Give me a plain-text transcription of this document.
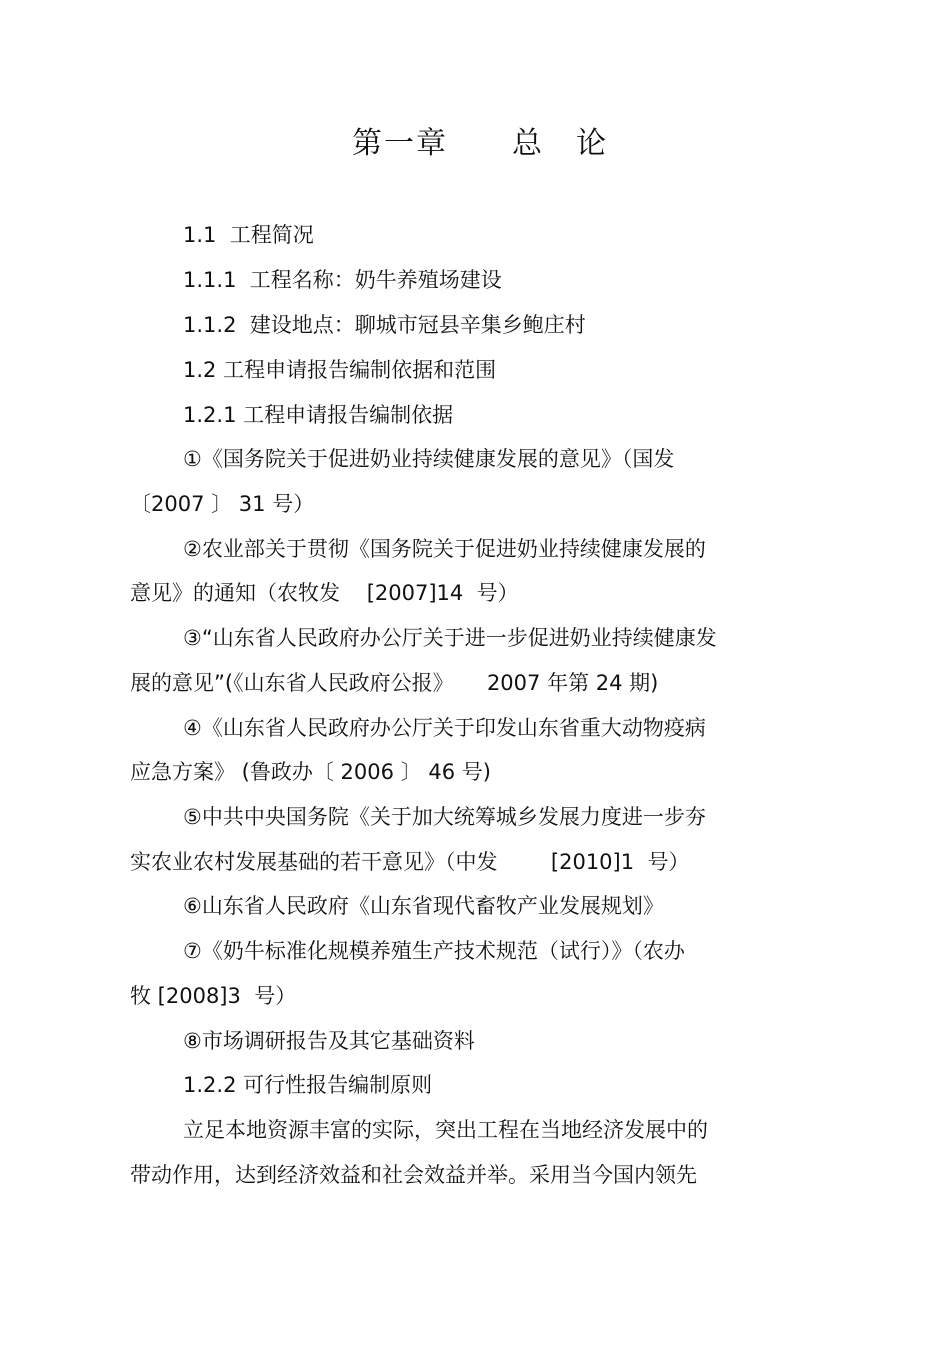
第一章　　总　论
1.1  工程简况
1.1.1  工程名称：奶牛养殖场建设
1.1.2  建设地点：聊城市冠县辛集乡鲍庄村
1.2 工程申请报告编制依据和范围
1.2.1 工程申请报告编制依据
①《国务院关于促进奶业持续健康发展的意见》（国发
〔2007 〕 31 号）
②农业部关于贯彻《国务院关于促进奶业持续健康发展的
意见》的通知（农牧发    [2007]14  号）
③“山东省人民政府办公厅关于进一步促进奶业持续健康发
展的意见”(《山东省人民政府公报》     2007 年第 24 期)
④《山东省人民政府办公厅关于印发山东省重大动物疫病
应急方案》 (鲁政办〔 2006 〕 46 号)
⑤中共中央国务院《关于加大统筹城乡发展力度进一步夯
实农业农村发展基础的若干意见》（中发        [2010]1  号）
⑥山东省人民政府《山东省现代畜牧产业发展规划》
⑦《奶牛标准化规模养殖生产技术规范（试行）》（农办
牧 [2008]3  号）
⑧市场调研报告及其它基础资料
1.2.2 可行性报告编制原则
立足本地资源丰富的实际，突出工程在当地经济发展中的
带动作用，达到经济效益和社会效益并举。采用当今国内领先
